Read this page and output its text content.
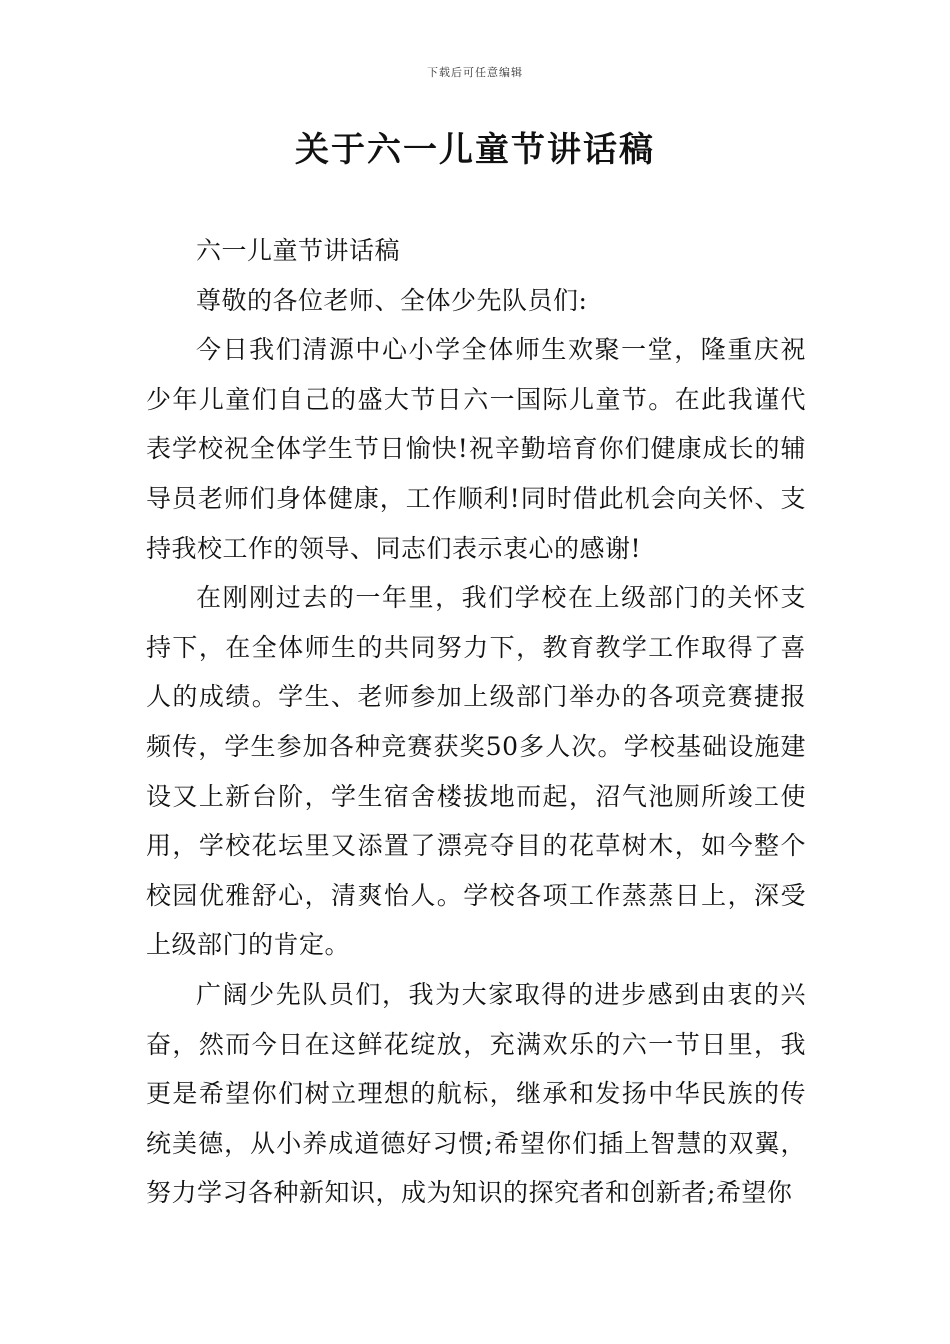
下载后可任意编辑
关于六一儿童节讲话稿

六一儿童节讲话稿

尊敬的各位老师、全体少先队员们:

今日我们清源中心小学全体师生欢聚一堂，隆重庆祝少年儿童们自己的盛大节日六一国际儿童节。在此我谨代表学校祝全体学生节日愉快!祝辛勤培育你们健康成长的辅导员老师们身体健康，工作顺利!同时借此机会向关怀、支持我校工作的领导、同志们表示衷心的感谢!

在刚刚过去的一年里，我们学校在上级部门的关怀支持下，在全体师生的共同努力下，教育教学工作取得了喜人的成绩。学生、老师参加上级部门举办的各项竞赛捷报频传，学生参加各种竞赛获奖50多人次。学校基础设施建设又上新台阶，学生宿舍楼拔地而起，沼气池厕所竣工使用，学校花坛里又添置了漂亮夺目的花草树木，如今整个校园优雅舒心，清爽怡人。学校各项工作蒸蒸日上，深受上级部门的肯定。

广阔少先队员们，我为大家取得的进步感到由衷的兴奋，然而今日在这鲜花绽放，充满欢乐的六一节日里，我更是希望你们树立理想的航标，继承和发扬中华民族的传统美德，从小养成道德好习惯;希望你们插上智慧的双翼，努力学习各种新知识，成为知识的探究者和创新者;希望你
